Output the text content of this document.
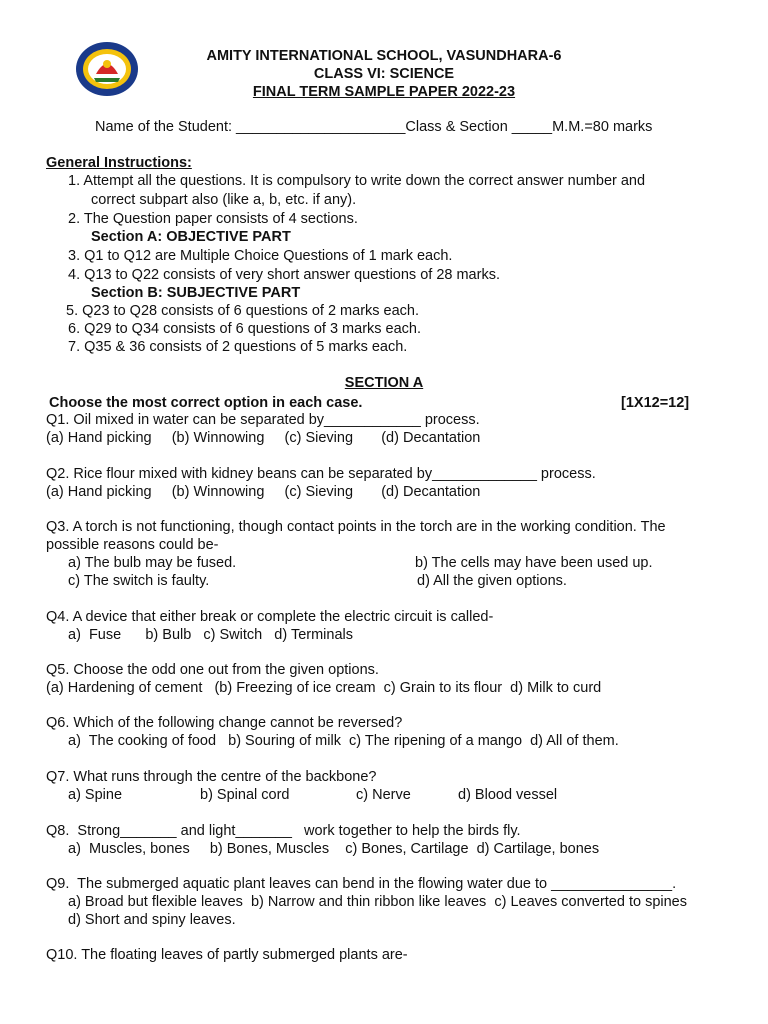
AMITY INTERNATIONAL SCHOOL, VASUNDHARA-6
CLASS VI: SCIENCE
FINAL TERM SAMPLE PAPER 2022-23
Name of the Student: _____________________Class & Section _____M.M.=80 marks
General Instructions:
1. Attempt all the questions. It is compulsory to write down the correct answer number and
correct subpart also (like a, b, etc. if any).
2. The Question paper consists of 4 sections.
Section A: OBJECTIVE PART
3. Q1 to Q12 are Multiple Choice Questions of 1 mark each.
4. Q13 to Q22 consists of very short answer questions of 28 marks.
Section B: SUBJECTIVE PART
5. Q23 to Q28 consists of 6 questions of 2 marks each.
6. Q29 to Q34 consists of 6 questions of 3 marks each.
7. Q35 & 36 consists of 2 questions of 5 marks each.
SECTION A
Choose the most correct option in each case.	[1X12=12]
Q1. Oil mixed in water can be separated by____________ process.
(a) Hand picking     (b) Winnowing     (c) Sieving       (d) Decantation
Q2. Rice flour mixed with kidney beans can be separated by_____________ process.
(a) Hand picking     (b) Winnowing     (c) Sieving       (d) Decantation
Q3. A torch is not functioning, though contact points in the torch are in the working condition. The
possible reasons could be-
a) The bulb may be fused.	b) The cells may have been used up.
c) The switch is faulty.	d) All the given options.
Q4. A device that either break or complete the electric circuit is called-
a)  Fuse      b) Bulb   c) Switch   d) Terminals
Q5. Choose the odd one out from the given options.
(a) Hardening of cement   (b) Freezing of ice cream  c) Grain to its flour  d) Milk to curd
Q6. Which of the following change cannot be reversed?
a)  The cooking of food   b) Souring of milk  c) The ripening of a mango  d) All of them.
Q7. What runs through the centre of the backbone?
a) Spine	b) Spinal cord	c) Nerve	d) Blood vessel
Q8.  Strong_______ and light_______   work together to help the birds fly.
a)  Muscles, bones     b) Bones, Muscles    c) Bones, Cartilage  d) Cartilage, bones
Q9.  The submerged aquatic plant leaves can bend in the flowing water due to _______________.
a) Broad but flexible leaves  b) Narrow and thin ribbon like leaves  c) Leaves converted to spines
d) Short and spiny leaves.
Q10. The floating leaves of partly submerged plants are-
